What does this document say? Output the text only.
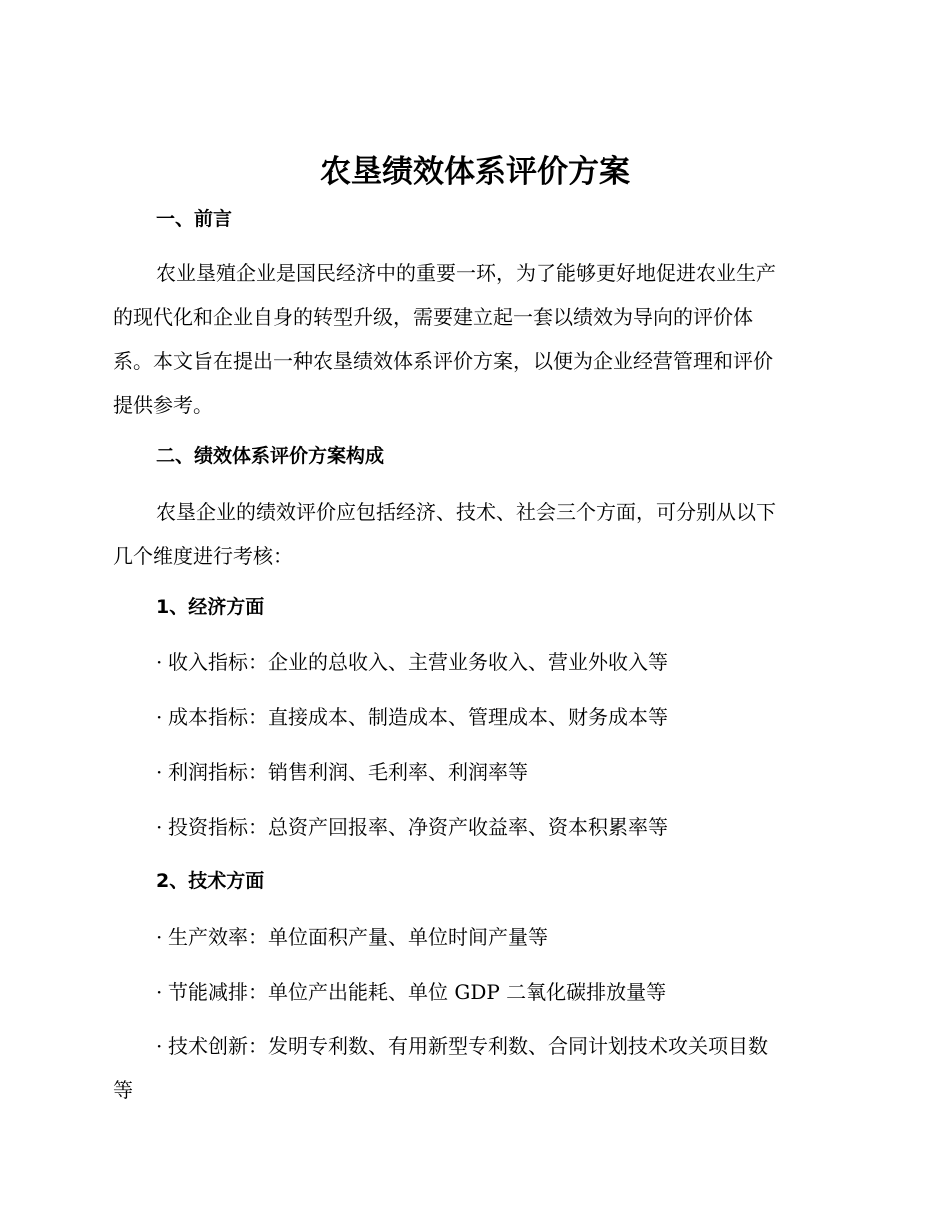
农垦绩效体系评价方案
一、前言

农业垦殖企业是国民经济中的重要一环，为了能够更好地促进农业生产
的现代化和企业自身的转型升级，需要建立起一套以绩效为导向的评价体
系。本文旨在提出一种农垦绩效体系评价方案，以便为企业经营管理和评价
提供参考。

二、绩效体系评价方案构成

农垦企业的绩效评价应包括经济、技术、社会三个方面，可分别从以下
几个维度进行考核：

1、经济方面
· 收入指标：企业的总收入、主营业务收入、营业外收入等
· 成本指标：直接成本、制造成本、管理成本、财务成本等
· 利润指标：销售利润、毛利率、利润率等
· 投资指标：总资产回报率、净资产收益率、资本积累率等
2、技术方面
· 生产效率：单位面积产量、单位时间产量等
· 节能减排：单位产出能耗、单位 GDP 二氧化碳排放量等
· 技术创新：发明专利数、有用新型专利数、合同计划技术攻关项目数
等
